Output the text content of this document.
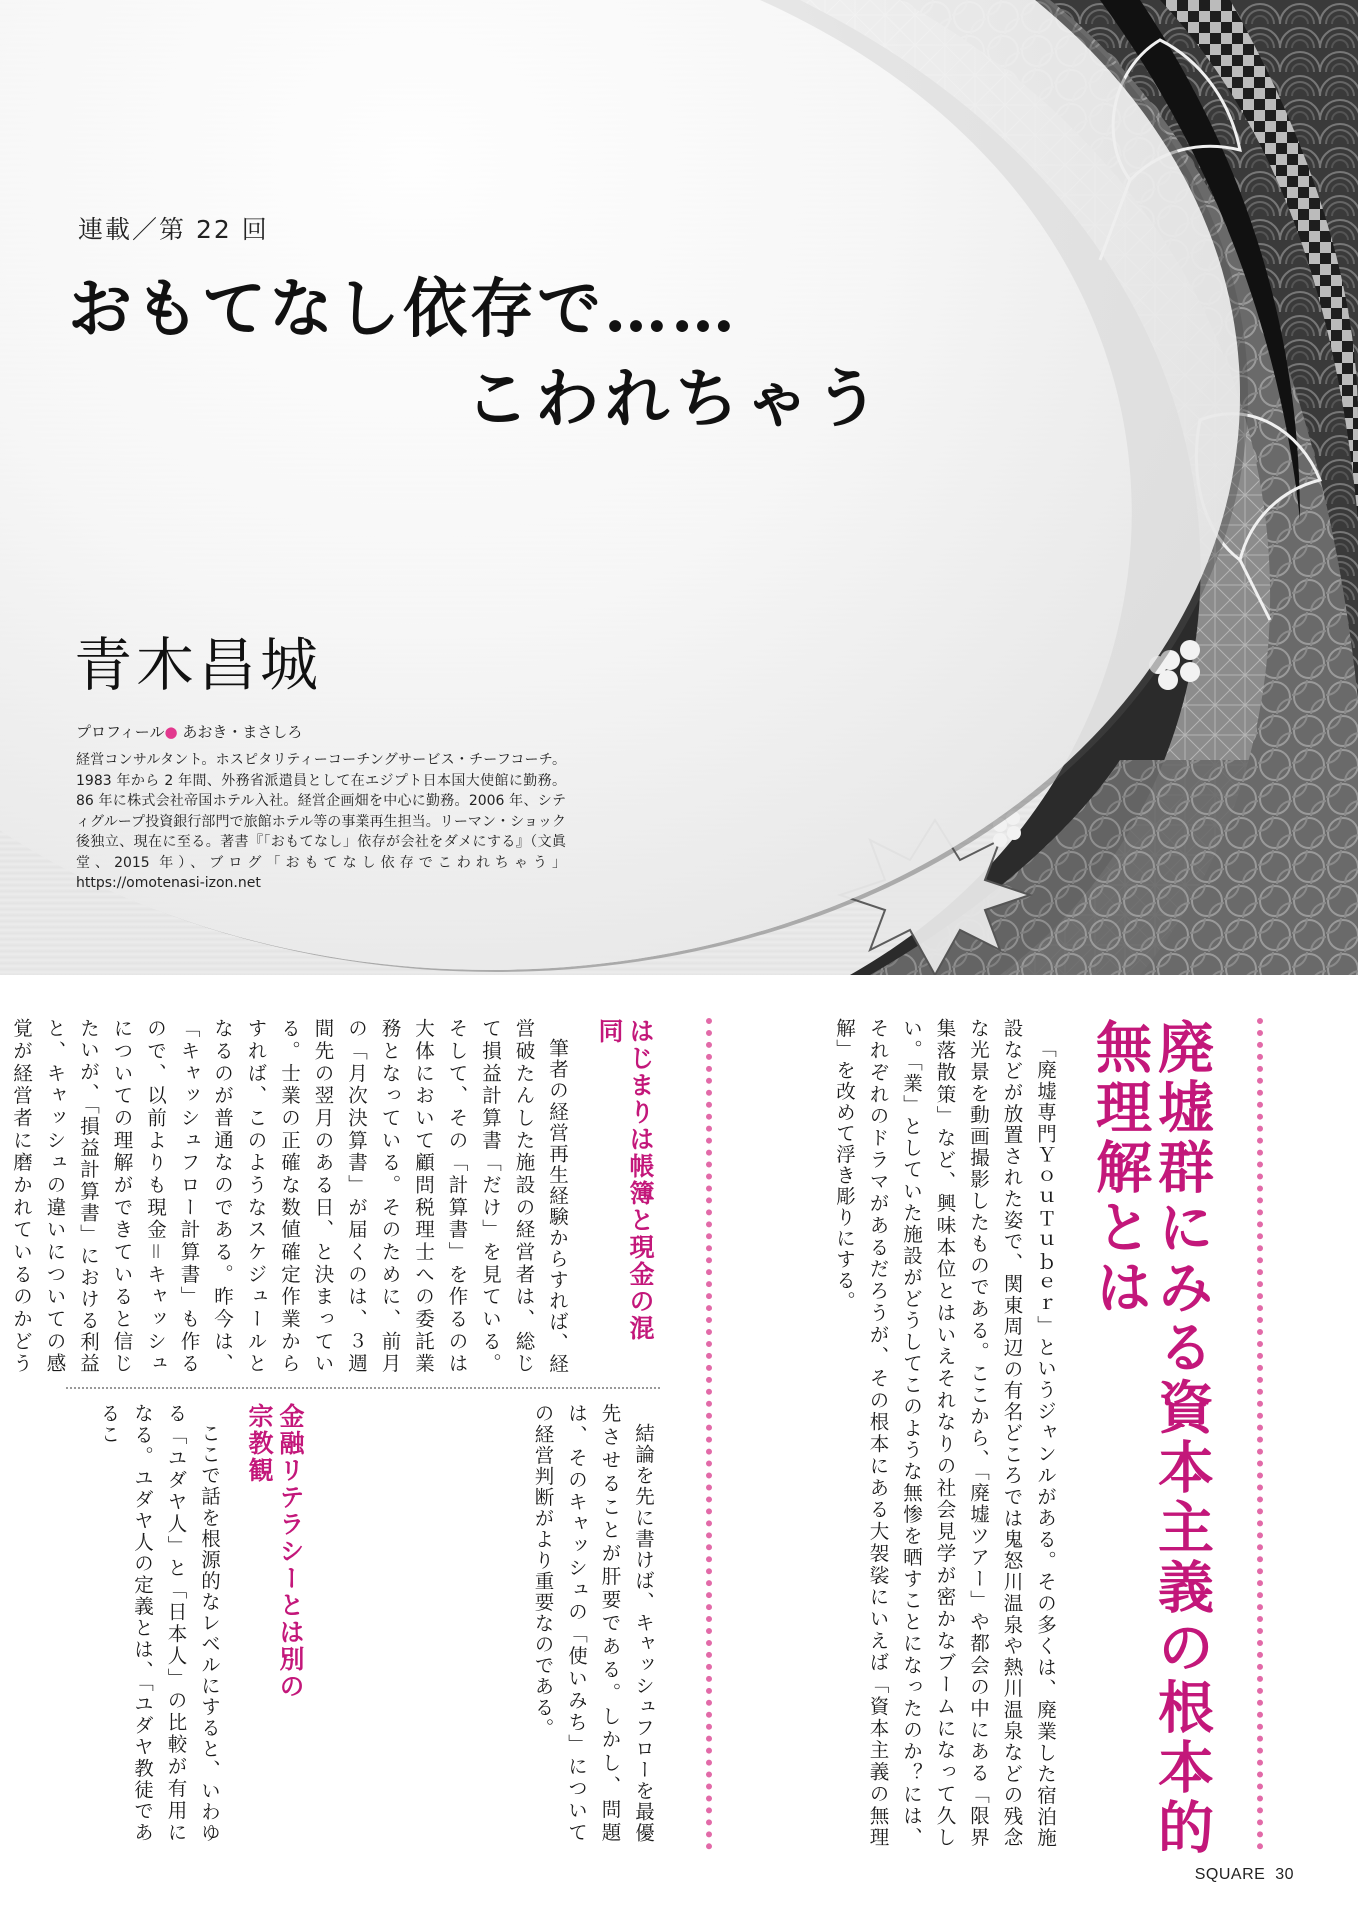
連載／第 22 回
おもてなし依存で……
こわれちゃう
青木昌城
プロフィール● あおき・まさしろ
経営コンサルタント。ホスピタリティーコーチングサービス・チーフコーチ。1983 年から 2 年間、外務省派遣員として在エジプト日本国大使館に勤務。86 年に株式会社帝国ホテル入社。経営企画畑を中心に勤務。2006 年、シティグループ投資銀行部門で旅館ホテル等の事業再生担当。リーマン・ショック後独立、現在に至る。著書『「おもてなし」依存が会社をダメにする』（文眞堂、2015 年）、ブログ「おもてなし依存でこわれちゃう」https://omotenasi-izon.net
廃墟群にみる資本主義の根本的無理解とは

「廃墟専門ＹｏｕＴｕｂｅｒ」というジャンルがある。その多くは、廃業した宿泊施設などが放置された姿で、関東周辺の有名どころでは鬼怒川温泉や熱川温泉などの残念な光景を動画撮影したものである。ここから、「廃墟ツアー」や都会の中にある「限界集落散策」など、興味本位とはいえそれなりの社会見学が密かなブームになって久しい。「業」としていた施設がどうしてこのような無惨を晒すことになったのか？には、それぞれのドラマがあるだろうが、その根本にある大袈裟にいえば「資本主義の無理解」を改めて浮き彫りにする。

はじまりは帳簿と現金の混同

筆者の経営再生経験からすれば、経営破たんした施設の経営者は、総じて損益計算書「だけ」を見ている。そして、その「計算書」を作るのは大体において顧問税理士への委託業務となっている。そのために、前月の「月次決算書」が届くのは、３週間先の翌月のある日、と決まっている。士業の正確な数値確定作業からすれば、このようなスケジュールとなるのが普通なのである。昨今は、「キャッシュフロー計算書」も作るので、以前よりも現金＝キャッシュについての理解ができていると信じたいが、「損益計算書」における利益と、キャッシュの違いについての感覚が経営者に磨かれているのかどう

結論を先に書けば、キャッシュフローを最優先させることが肝要である。しかし、問題は、そのキャッシュの「使いみち」についての経営判断がより重要なのである。

金融リテラシーとは別の宗教観

ここで話を根源的なレベルにすると、いわゆる「ユダヤ人」と「日本人」の比較が有用になる。ユダヤ人の定義とは、「ユダヤ教徒であるこ

SQUARE 30
